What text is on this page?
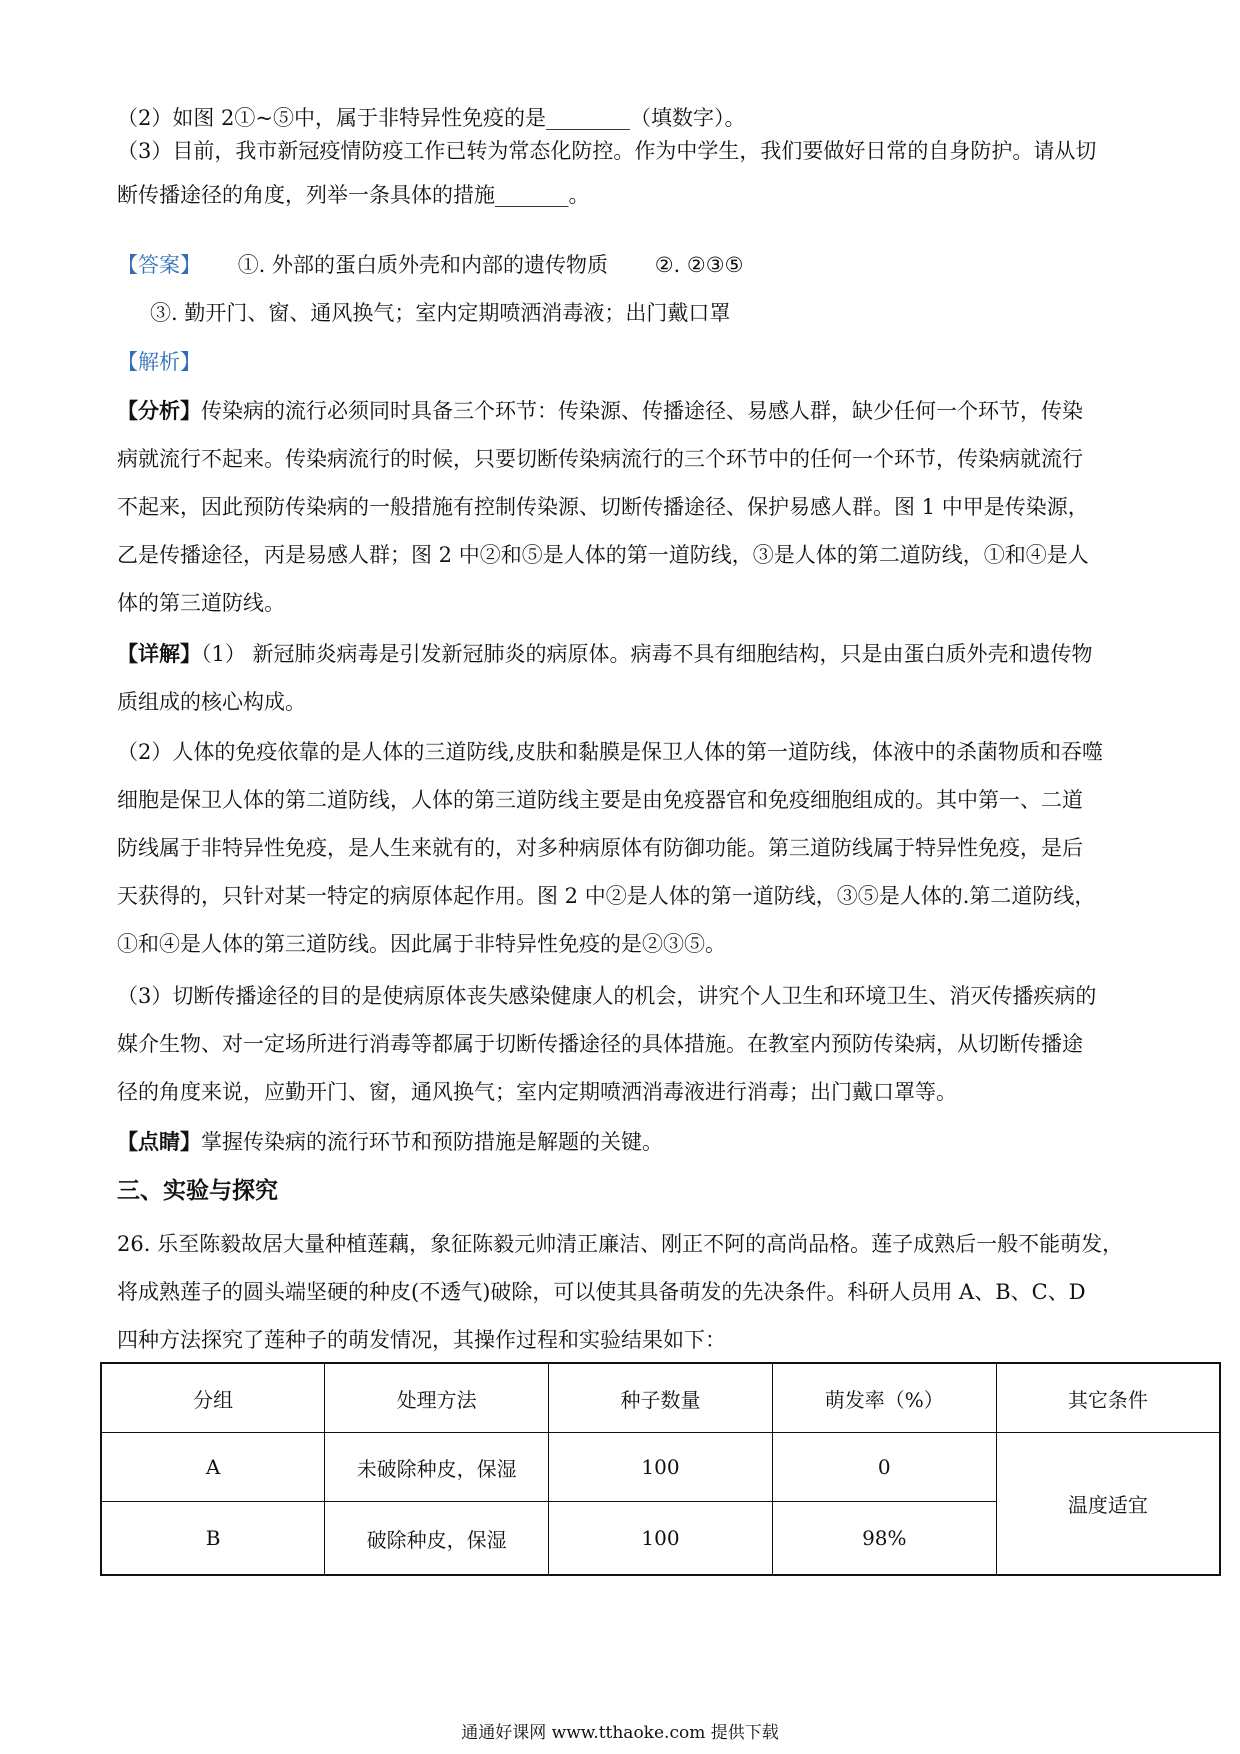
（2）如图 2①~⑤中，属于非特异性免疫的是________（填数字）。
（3）目前，我市新冠疫情防疫工作已转为常态化防控。作为中学生，我们要做好日常的自身防护。请从切
断传播途径的角度，列举一条具体的措施_______。
【答案】 ①. 外部的蛋白质外壳和内部的遗传物质 ②. ②③⑤
③. 勤开门、窗、通风换气；室内定期喷洒消毒液；出门戴口罩
【解析】
【分析】传染病的流行必须同时具备三个环节：传染源、传播途径、易感人群，缺少任何一个环节，传染
病就流行不起来。传染病流行的时候，只要切断传染病流行的三个环节中的任何一个环节，传染病就流行
不起来，因此预防传染病的一般措施有控制传染源、切断传播途径、保护易感人群。图 1 中甲是传染源，
乙是传播途径，丙是易感人群；图 2 中②和⑤是人体的第一道防线，③是人体的第二道防线，①和④是人
体的第三道防线。
【详解】（1） 新冠肺炎病毒是引发新冠肺炎的病原体。病毒不具有细胞结构，只是由蛋白质外壳和遗传物
质组成的核心构成。
（2）人体的免疫依靠的是人体的三道防线,皮肤和黏膜是保卫人体的第一道防线，体液中的杀菌物质和吞噬
细胞是保卫人体的第二道防线，人体的第三道防线主要是由免疫器官和免疫细胞组成的。其中第一、二道
防线属于非特异性免疫，是人生来就有的，对多种病原体有防御功能。第三道防线属于特异性免疫，是后
天获得的，只针对某一特定的病原体起作用。图 2 中②是人体的第一道防线，③⑤是人体的.第二道防线，
①和④是人体的第三道防线。因此属于非特异性免疫的是②③⑤。
（3）切断传播途径的目的是使病原体丧失感染健康人的机会，讲究个人卫生和环境卫生、消灭传播疾病的
媒介生物、对一定场所进行消毒等都属于切断传播途径的具体措施。在教室内预防传染病，从切断传播途
径的角度来说，应勤开门、窗，通风换气；室内定期喷洒消毒液进行消毒；出门戴口罩等。
【点睛】掌握传染病的流行环节和预防措施是解题的关键。
三、实验与探究
26. 乐至陈毅故居大量种植莲藕，象征陈毅元帅清正廉洁、刚正不阿的高尚品格。莲子成熟后一般不能萌发，
将成熟莲子的圆头端坚硬的种皮(不透气)破除，可以使其具备萌发的先决条件。科研人员用 A、B、C、D
四种方法探究了莲种子的萌发情况，其操作过程和实验结果如下：
分组	处理方法	种子数量	萌发率（%）	其它条件
A	未破除种皮，保湿	100	0	温度适宜
B	破除种皮，保湿	100	98%	
通通好课网 www.tthaoke.com 提供下载
